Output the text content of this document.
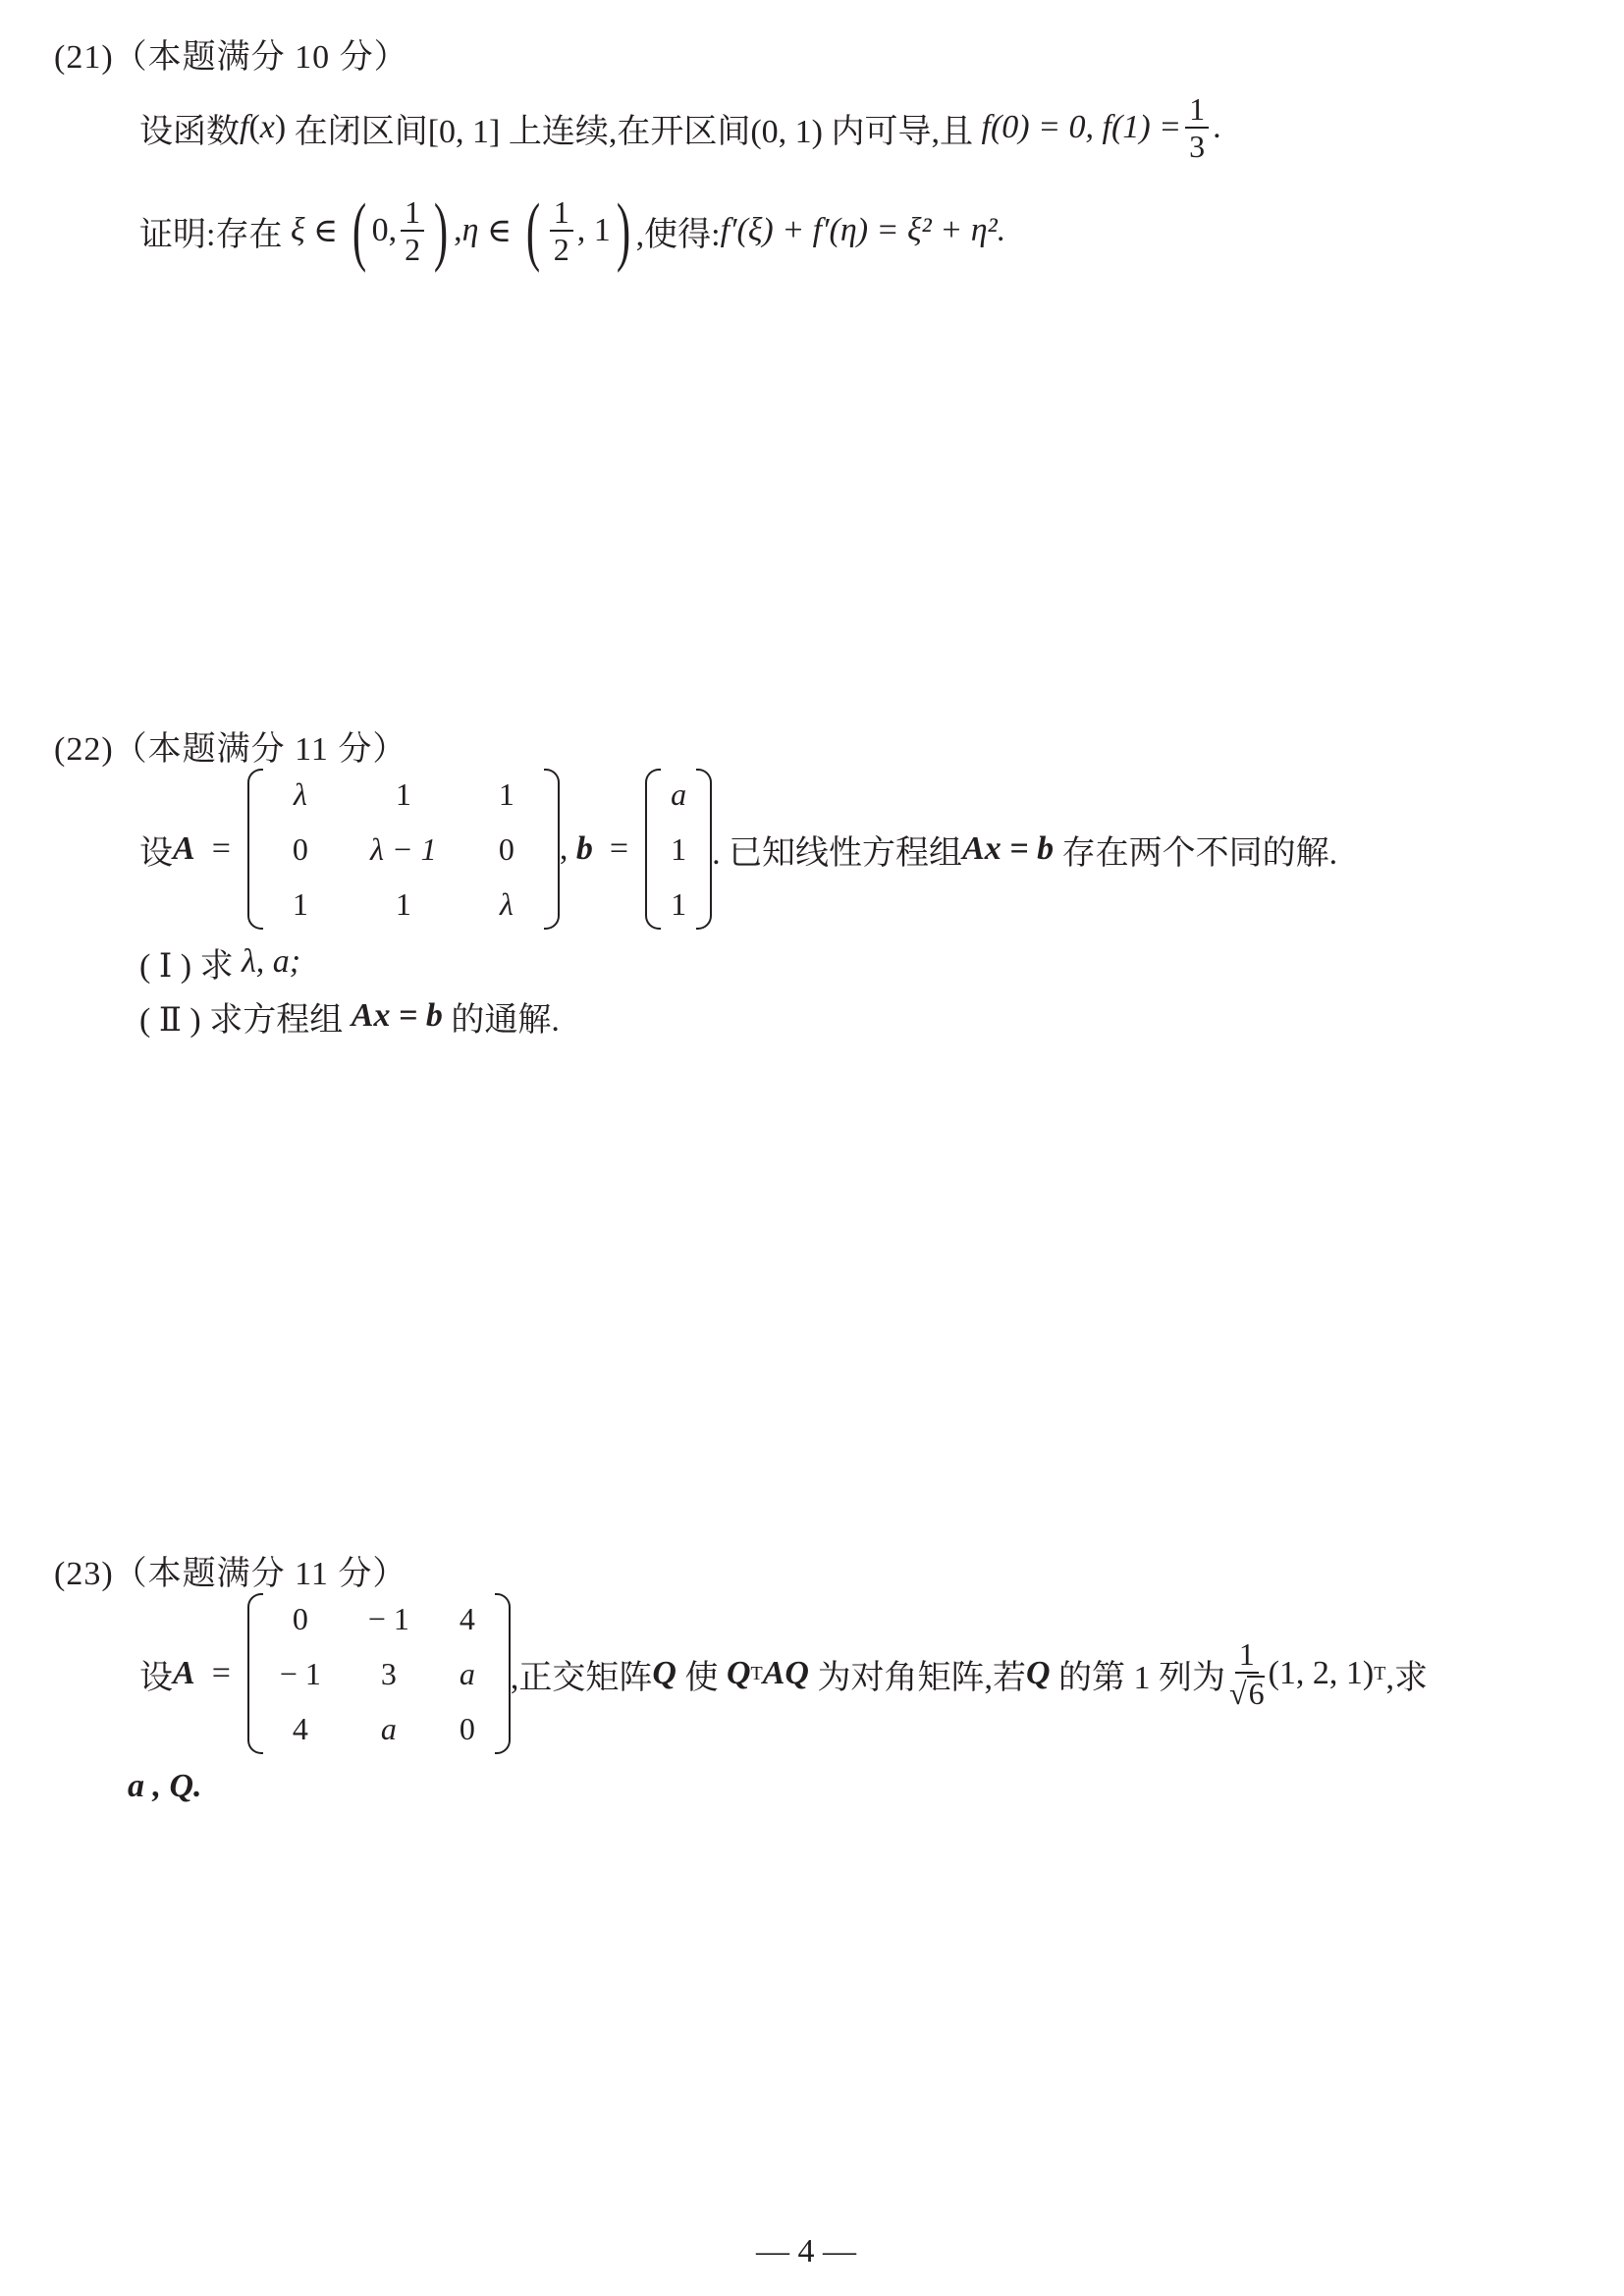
(21)（本题满分 10 分）
设函数 f ( x ) 在闭区间[0, 1] 上连续,在开区间(0, 1) 内可导,且
f(0) = 0,
$f(1) = \frac{1}{3}$ .
证明:存在
ξ
∈
( 0, $\frac{1}{2}$ ) , η
∈
( $\frac{1}{2}$ , 1 ) ,使得: f′(ξ) + f′(η) = ξ² + η².
(22)（本题满分 11 分）
设 A
=

λ	1	1
0	λ − 1	0
1	1	λ
, b
=

a
1
1
. 已知线性方程组 Ax
= b
存在两个不同的解.
( Ⅰ ) 求
λ, a;
( Ⅱ ) 求方程组
Ax
= b
的通解.
(23)（本题满分 11 分）
设 A
=

0	− 1	4
− 1	3	a
4	a	0
,正交矩阵 Q
使
Q T AQ
为对角矩阵,若 Q
的第 1 列为 $\frac{1}{√6} (1$, 2, 1) T ,求
a , Q.
— 4 —
